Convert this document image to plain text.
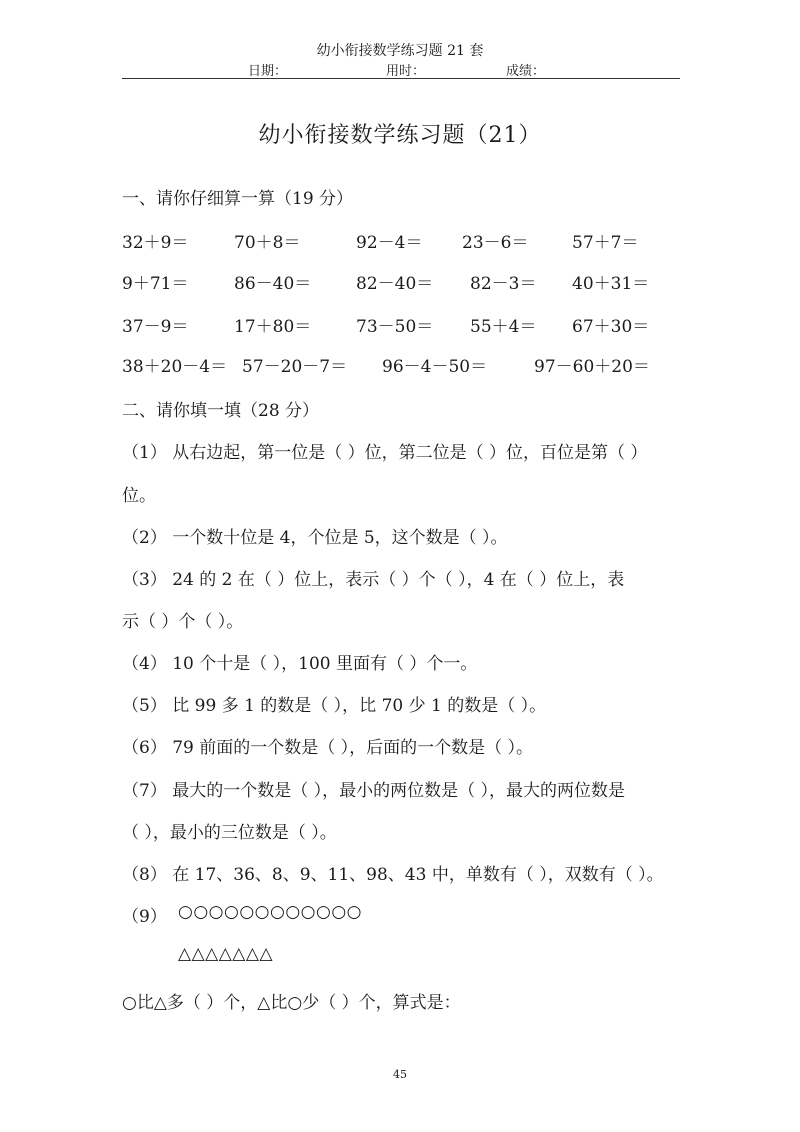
幼小衔接数学练习题 21 套
日期：	用时：	成绩：
幼小衔接数学练习题（21）
一、请你仔细算一算（19 分）
32＋9＝	70＋8＝	92－4＝ 23－6＝	57＋7＝
9＋71＝	86－40＝	82－40＝ 82－3＝ 40＋31＝
37－9＝	17＋80＝	73－50＝ 55＋4＝ 67＋30＝
38＋20－4＝ 57－20－7＝ 96－4－50＝	97－60＋20＝
二、请你填一填（28 分）
（1） 从右边起，第一位是（ ）位，第二位是（ ）位，百位是第（ ）
位。
（2） 一个数十位是 4，个位是 5，这个数是（ ）。
（3） 24 的 2 在（ ）位上，表示（ ）个（ ），4 在（ ）位上，表
示（ ）个（ ）。
（4） 10 个十是（ ），100 里面有（ ）个一。
（5） 比 99 多 1 的数是（ ），比 70 少 1 的数是（ ）。
（6） 79 前面的一个数是（ ），后面的一个数是（ ）。
（7） 最大的一个数是（ ），最小的两位数是（ ），最大的两位数是
（ ），最小的三位数是（ ）。
（8） 在 17、36、8、9、11、98、43 中，单数有（ ），双数有（ ）。
（9） ○○○○○○○○○○○○
△△△△△△△
○比△多（ ）个，△比○少（ ）个，算式是：
45
